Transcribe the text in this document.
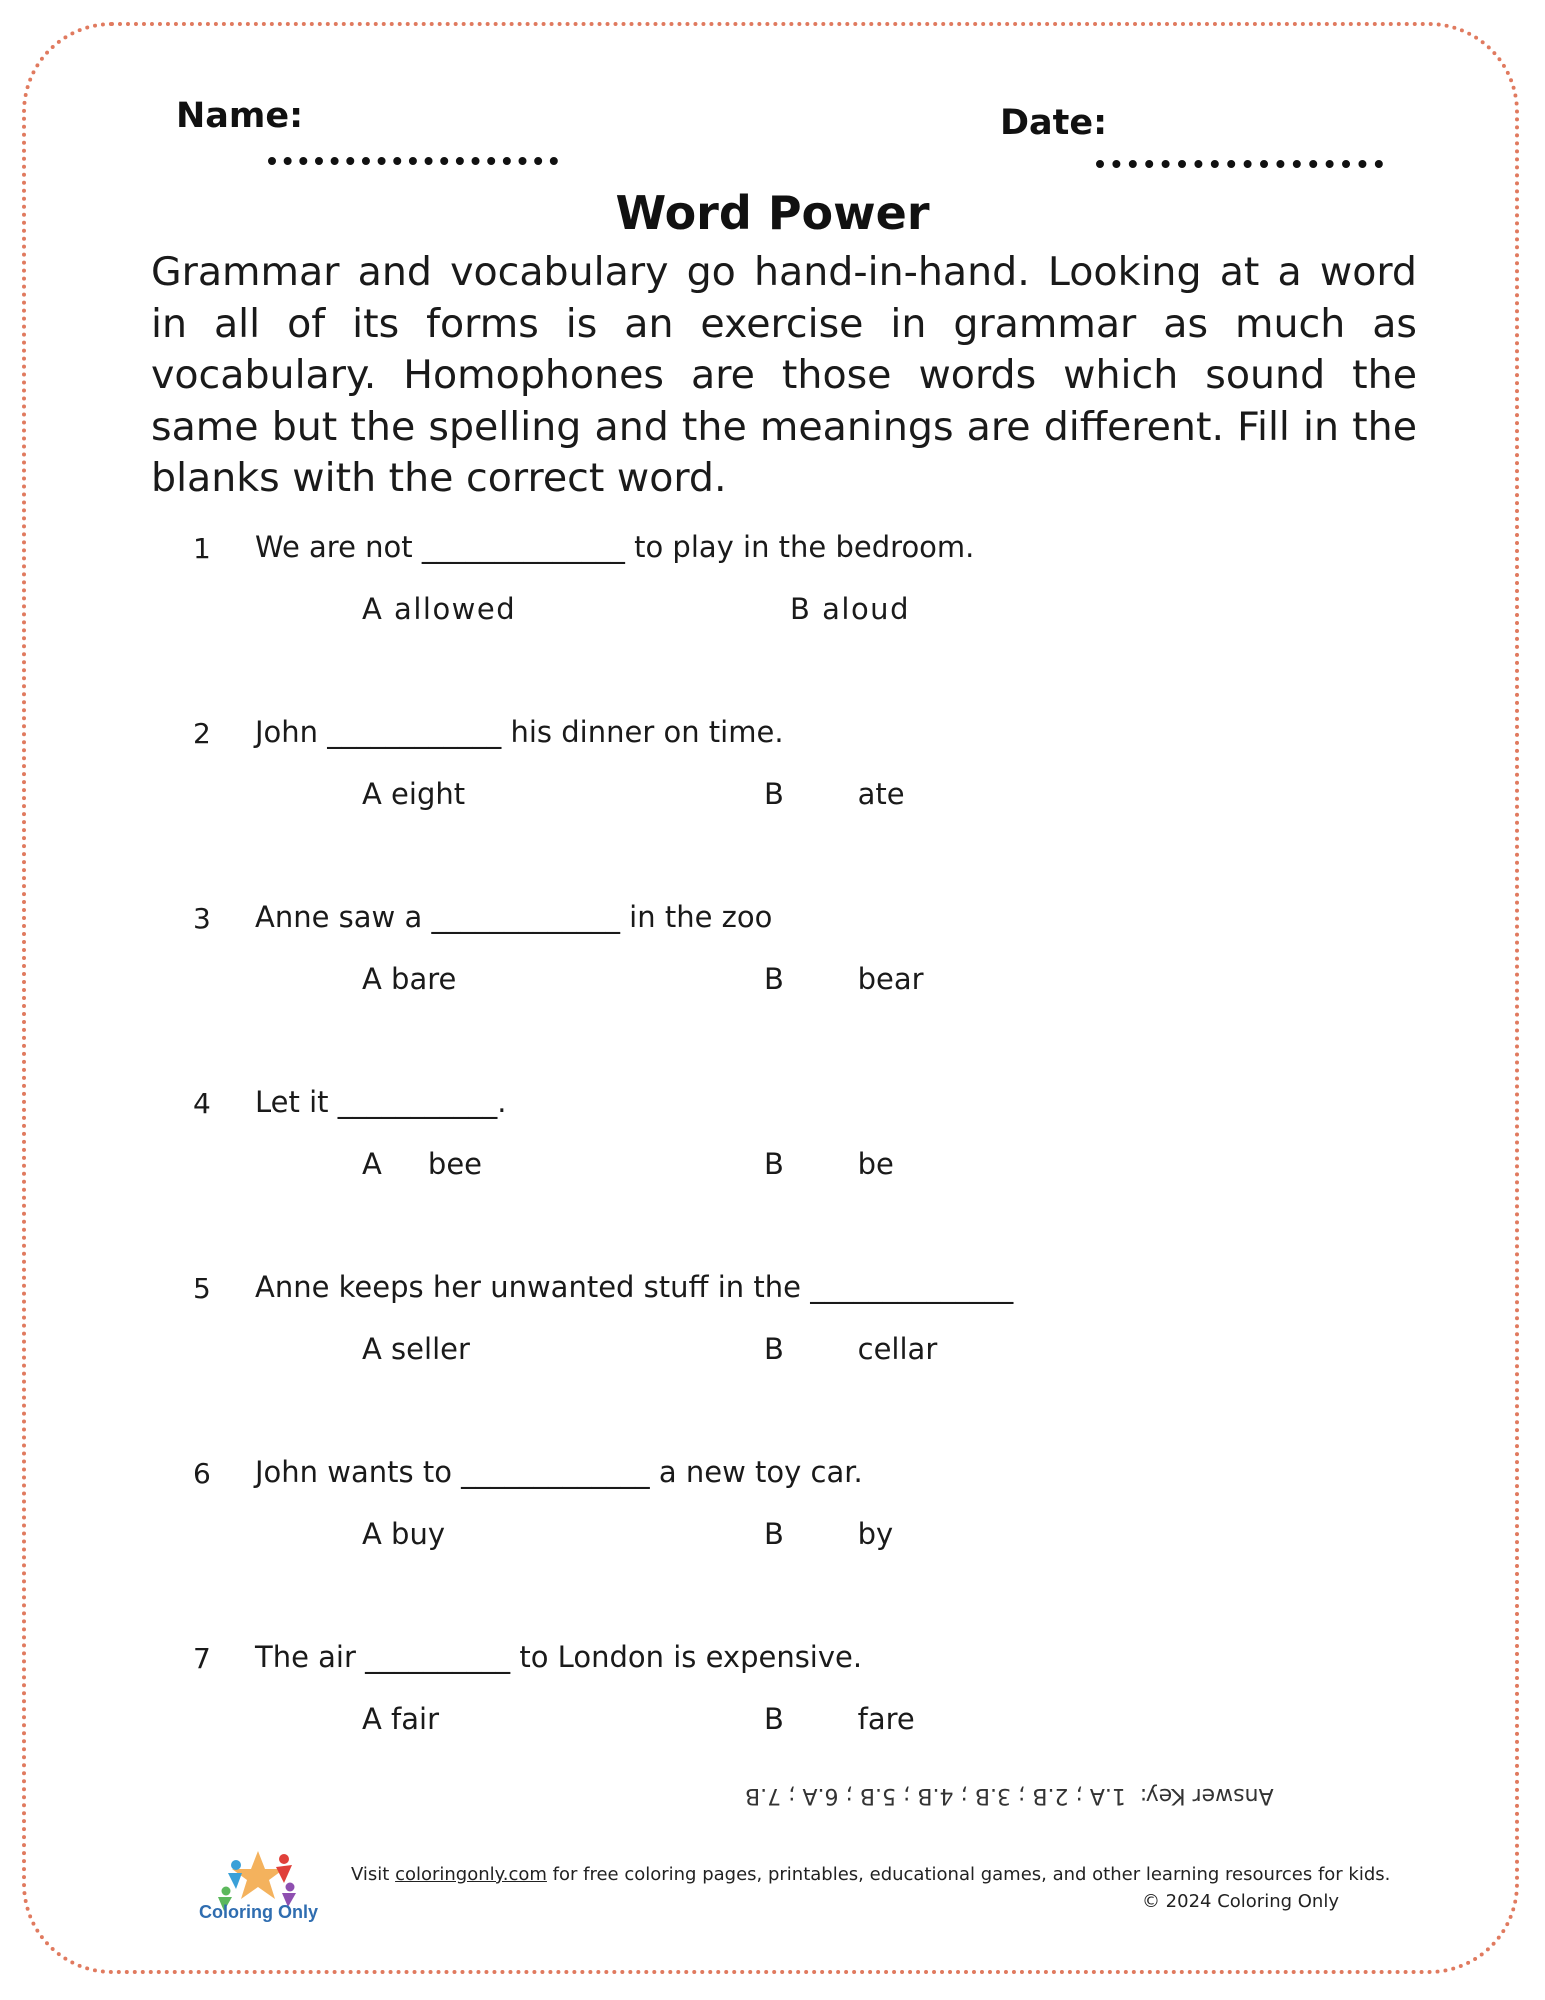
Name:	Date:
Word Power
Grammar and vocabulary go hand-in-hand. Looking at a word in all of its forms is an exercise in grammar as much as vocabulary. Homophones are those words which sound the same but the spelling and the meanings are different. Fill in the blanks with the correct word.
1 We are not ______________ to play in the bedroom.
A allowed	B aloud
2 John ____________ his dinner on time.
A eight	B        ate
3 Anne saw a _____________ in the zoo
A bare	B        bear
4 Let it ___________.
A     bee	B        be
5 Anne keeps her unwanted stuff in the ______________
A seller	B        cellar
6 John wants to _____________ a new toy car.
A buy	B        by
7 The air __________ to London is expensive.
A fair	B        fare
Answer Key:  1.A ; 2.B ; 3.B ; 4.B ; 5.B ; 6.A ; 7.B
Coloring Only
Visit coloringonly.com for free coloring pages, printables, educational games, and other learning resources for kids.
© 2024 Coloring Only
